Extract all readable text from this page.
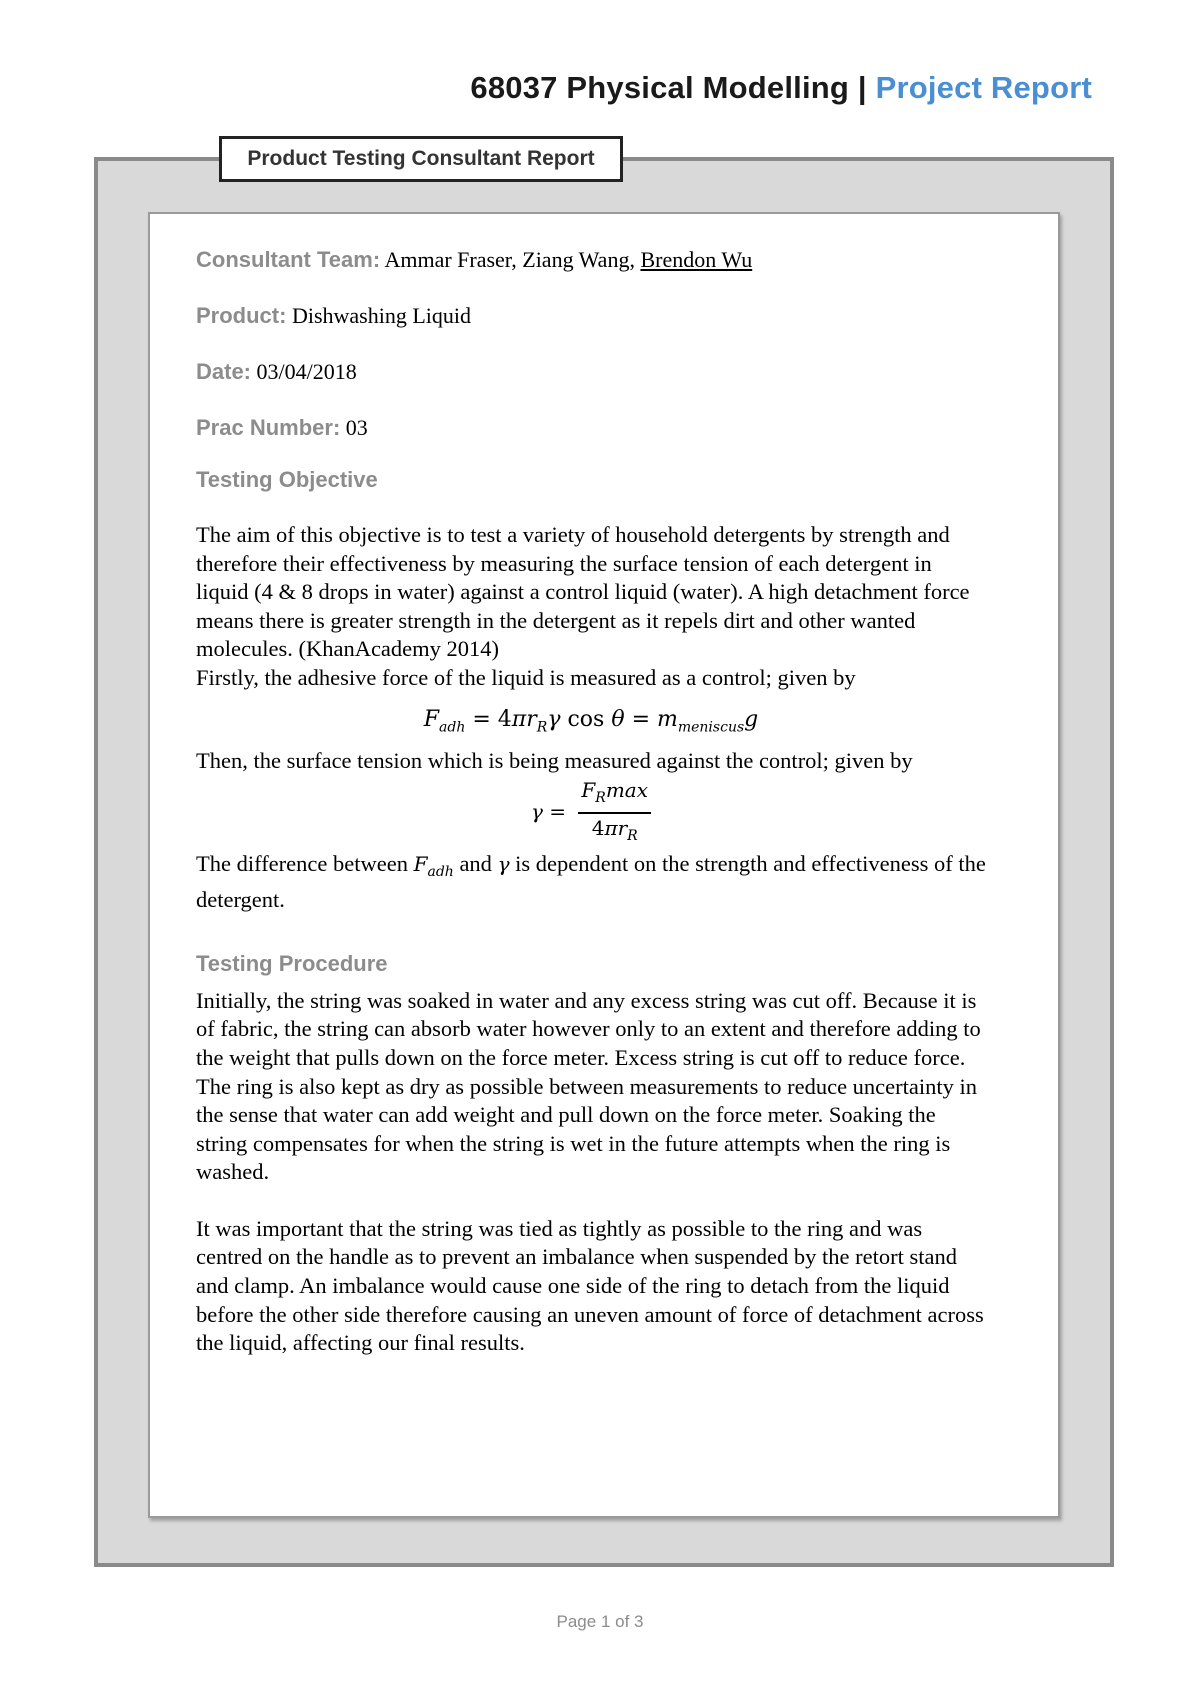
68037 Physical Modelling | Project Report
Product Testing Consultant Report
Consultant Team: Ammar Fraser, Ziang Wang, Brendon Wu
Product: Dishwashing Liquid
Date: 03/04/2018
Prac Number: 03
Testing Objective

The aim of this objective is to test a variety of household detergents by strength and therefore their effectiveness by measuring the surface tension of each detergent in liquid (4 & 8 drops in water) against a control liquid (water). A high detachment force means there is greater strength in the detergent as it repels dirt and other wanted molecules. (KhanAcademy 2014)

Firstly, the adhesive force of the liquid is measured as a control; given by

$F_{adh} = 4\pi r_R\gamma$ $\cos \theta = m_{meniscus}g$

Then, the surface tension which is being measured against the control; given by

$\gamma = \frac{F_R\max}{4\pi r_R}$

The difference between $F_{adh}$ and γ is dependent on the strength and effectiveness of the detergent.

Testing Procedure

Initially, the string was soaked in water and any excess string was cut off. Because it is of fabric, the string can absorb water however only to an extent and therefore adding to the weight that pulls down on the force meter. Excess string is cut off to reduce force. The ring is also kept as dry as possible between measurements to reduce uncertainty in the sense that water can add weight and pull down on the force meter. Soaking the string compensates for when the string is wet in the future attempts when the ring is washed.

It was important that the string was tied as tightly as possible to the ring and was centred on the handle as to prevent an imbalance when suspended by the retort stand and clamp. An imbalance would cause one side of the ring to detach from the liquid before the other side therefore causing an uneven amount of force of detachment across the liquid, affecting our final results.

Page 1 of 3
